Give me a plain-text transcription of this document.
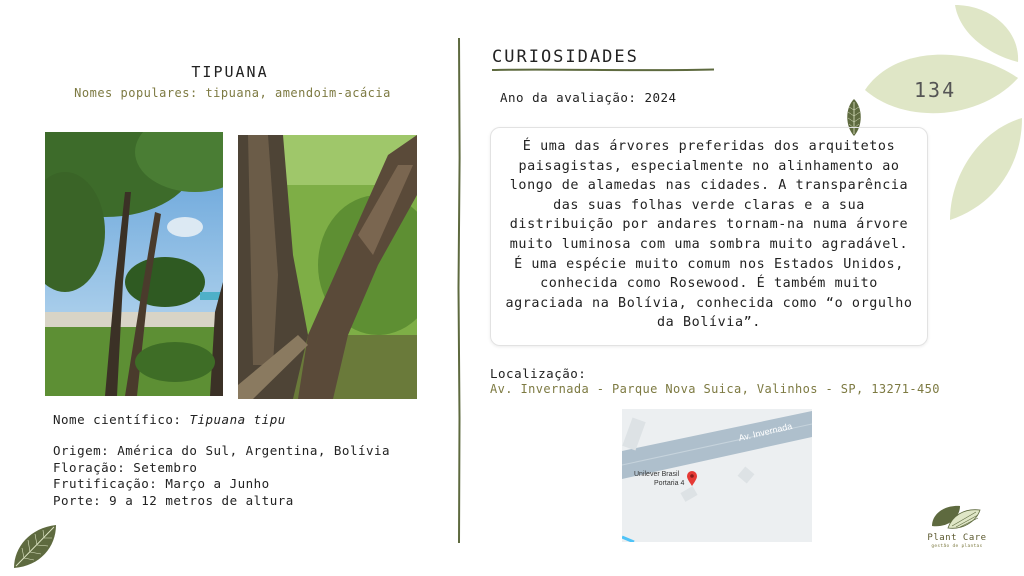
134
TIPUANA
Nomes populares: tipuana, amendoim-acácia
Nome científico: Tipuana tipu
Origem: América do Sul, Argentina, Bolívia
Floração: Setembro
Frutificação: Março a Junho
Porte: 9 a 12 metros de altura
CURIOSIDADES
Ano da avaliação: 2024
É uma das árvores preferidas dos arquitetos paisagistas, especialmente no alinhamento ao longo de alamedas nas cidades. A transparência das suas folhas verde claras e a sua distribuição por andares tornam-na numa árvore muito luminosa com uma sombra muito agradável. É uma espécie muito comum nos Estados Unidos, conhecida como Rosewood. É também muito agraciada na Bolívia, conhecida como “o orgulho da Bolívia”.
Localização:
Av. Invernada - Parque Nova Suica, Valinhos - SP, 13271-450
Av. Invernada
Unilever Brasil
Portaria 4
Plant Care
gestão de plantas
